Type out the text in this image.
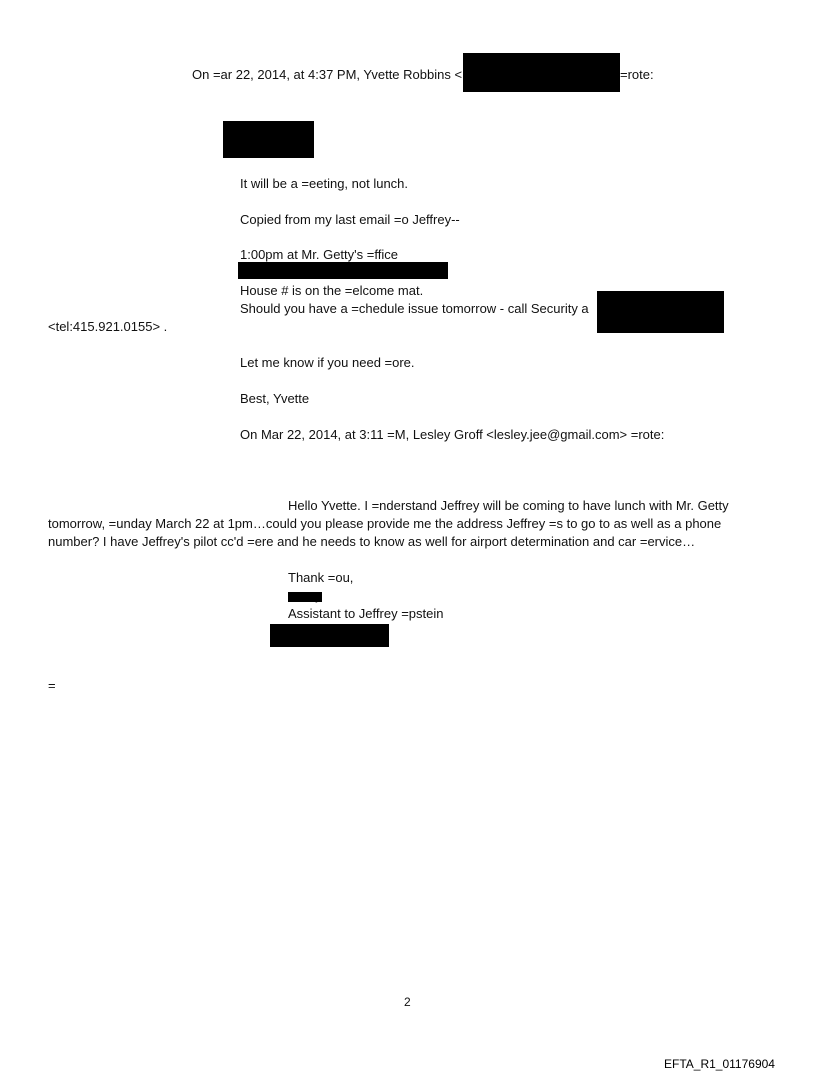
On =ar 22, 2014, at 4:37 PM, Yvette Robbins <	=rote:
It will be a =eeting, not lunch.
Copied from my last email =o Jeffrey--
1:00pm at Mr. Getty's =ffice
House # is on the =elcome mat.
Should you have a =chedule issue tomorrow - call Security a
<tel:415.921.0155> .
Let me know if you need =ore.
Best, Yvette
On Mar 22, 2014, at 3:11 =M, Lesley Groff <lesley.jee@gmail.com> =rote:
Hello Yvette. I =nderstand Jeffrey will be coming to have lunch with Mr. Getty
tomorrow, =unday March 22 at 1pm…could you please provide me the address Jeffrey =s to go to as well as a phone
number? I have Jeffrey's pilot cc'd =ere and he needs to know as well for airport determination and car =ervice…
Thank =ou,
Lesley
Assistant to Jeffrey =pstein
=
2
EFTA_R1_01176904
